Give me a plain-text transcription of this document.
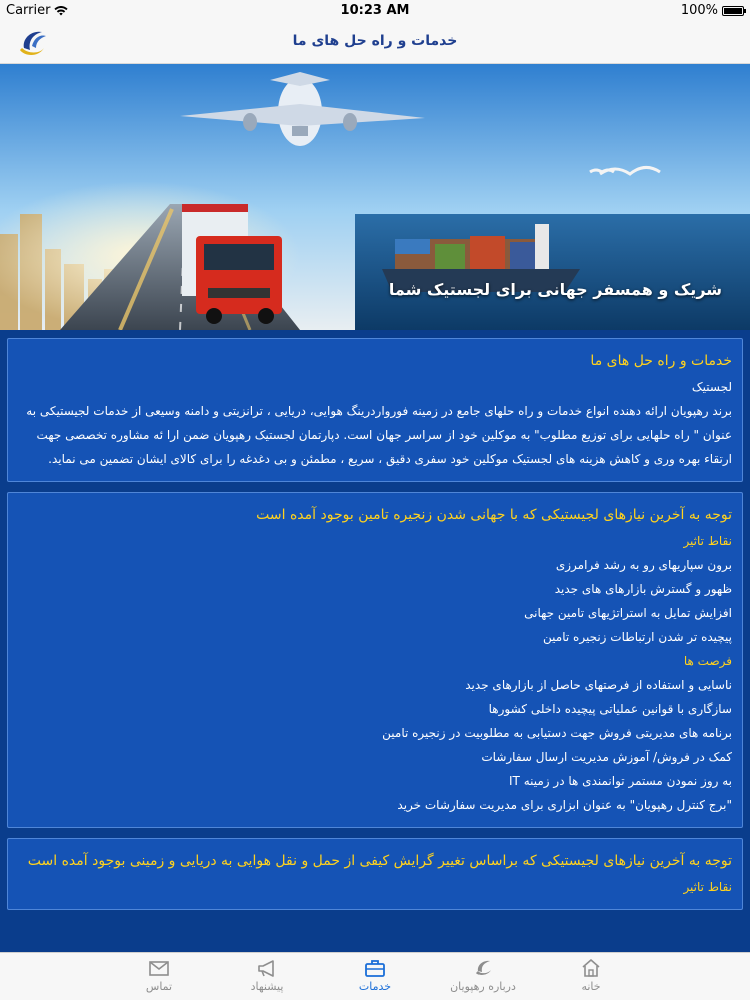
Carrier	10:23 AM	100%
خدمات و راه حل های ما
شریک و همسفر جهانی برای لجستیک شما
خدمات و راه حل های ما
لجستیک
برند رهپویان ارائه دهنده انواع خدمات و راه حلهای جامع در زمینه فورواردرینگ هوایی، دریایی ، ترانزیتی و دامنه وسیعی از خدمات لجیستیکی به عنوان " راه حلهایی برای توزیع مطلوب" به موکلین خود از سراسر جهان است. دپارتمان لجستیک رهپویان ضمن ارا ئه مشاوره تخصصی جهت ارتقاء بهره وری و کاهش هزینه های لجستیک موکلین خود سفری دقیق ، سریع ، مطمئن و بی دغدغه را برای کالای ایشان تضمین می نماید.
توجه به آخرین نیازهای لجیستیکی که با جهانی شدن زنجیره تامین بوجود آمده است
نقاط تاثیر
برون سپاریهای رو به رشد فرامرزی
ظهور و گسترش بازارهای های جدید
افزایش تمایل به استراتژیهای تامین جهانی
پیچیده تر شدن ارتباطات زنجیره تامین
فرصت ها
ناسایی و استفاده از فرصتهای حاصل از بازارهای جدید
سازگاری با قوانین عملیاتی پیچیده داخلی کشورها
برنامه های مدیریتی فروش جهت دستیابی به مطلوبیت در زنجیره تامین
کمک در فروش/ آموزش مدیریت ارسال سفارشات
به روز نمودن مستمر توانمندی ها در زمینه IT
"برج کنترل رهپویان" به عنوان ابزاری برای مدیریت سفارشات خرید
توجه به آخرین نیازهای لجیستیکی که براساس تغییر گرایش کیفی از حمل و نقل هوایی به دریایی و زمینی بوجود آمده است
نقاط تاثیر
تماس	پیشنهاد	خدمات	درباره رهپویان	خانه
